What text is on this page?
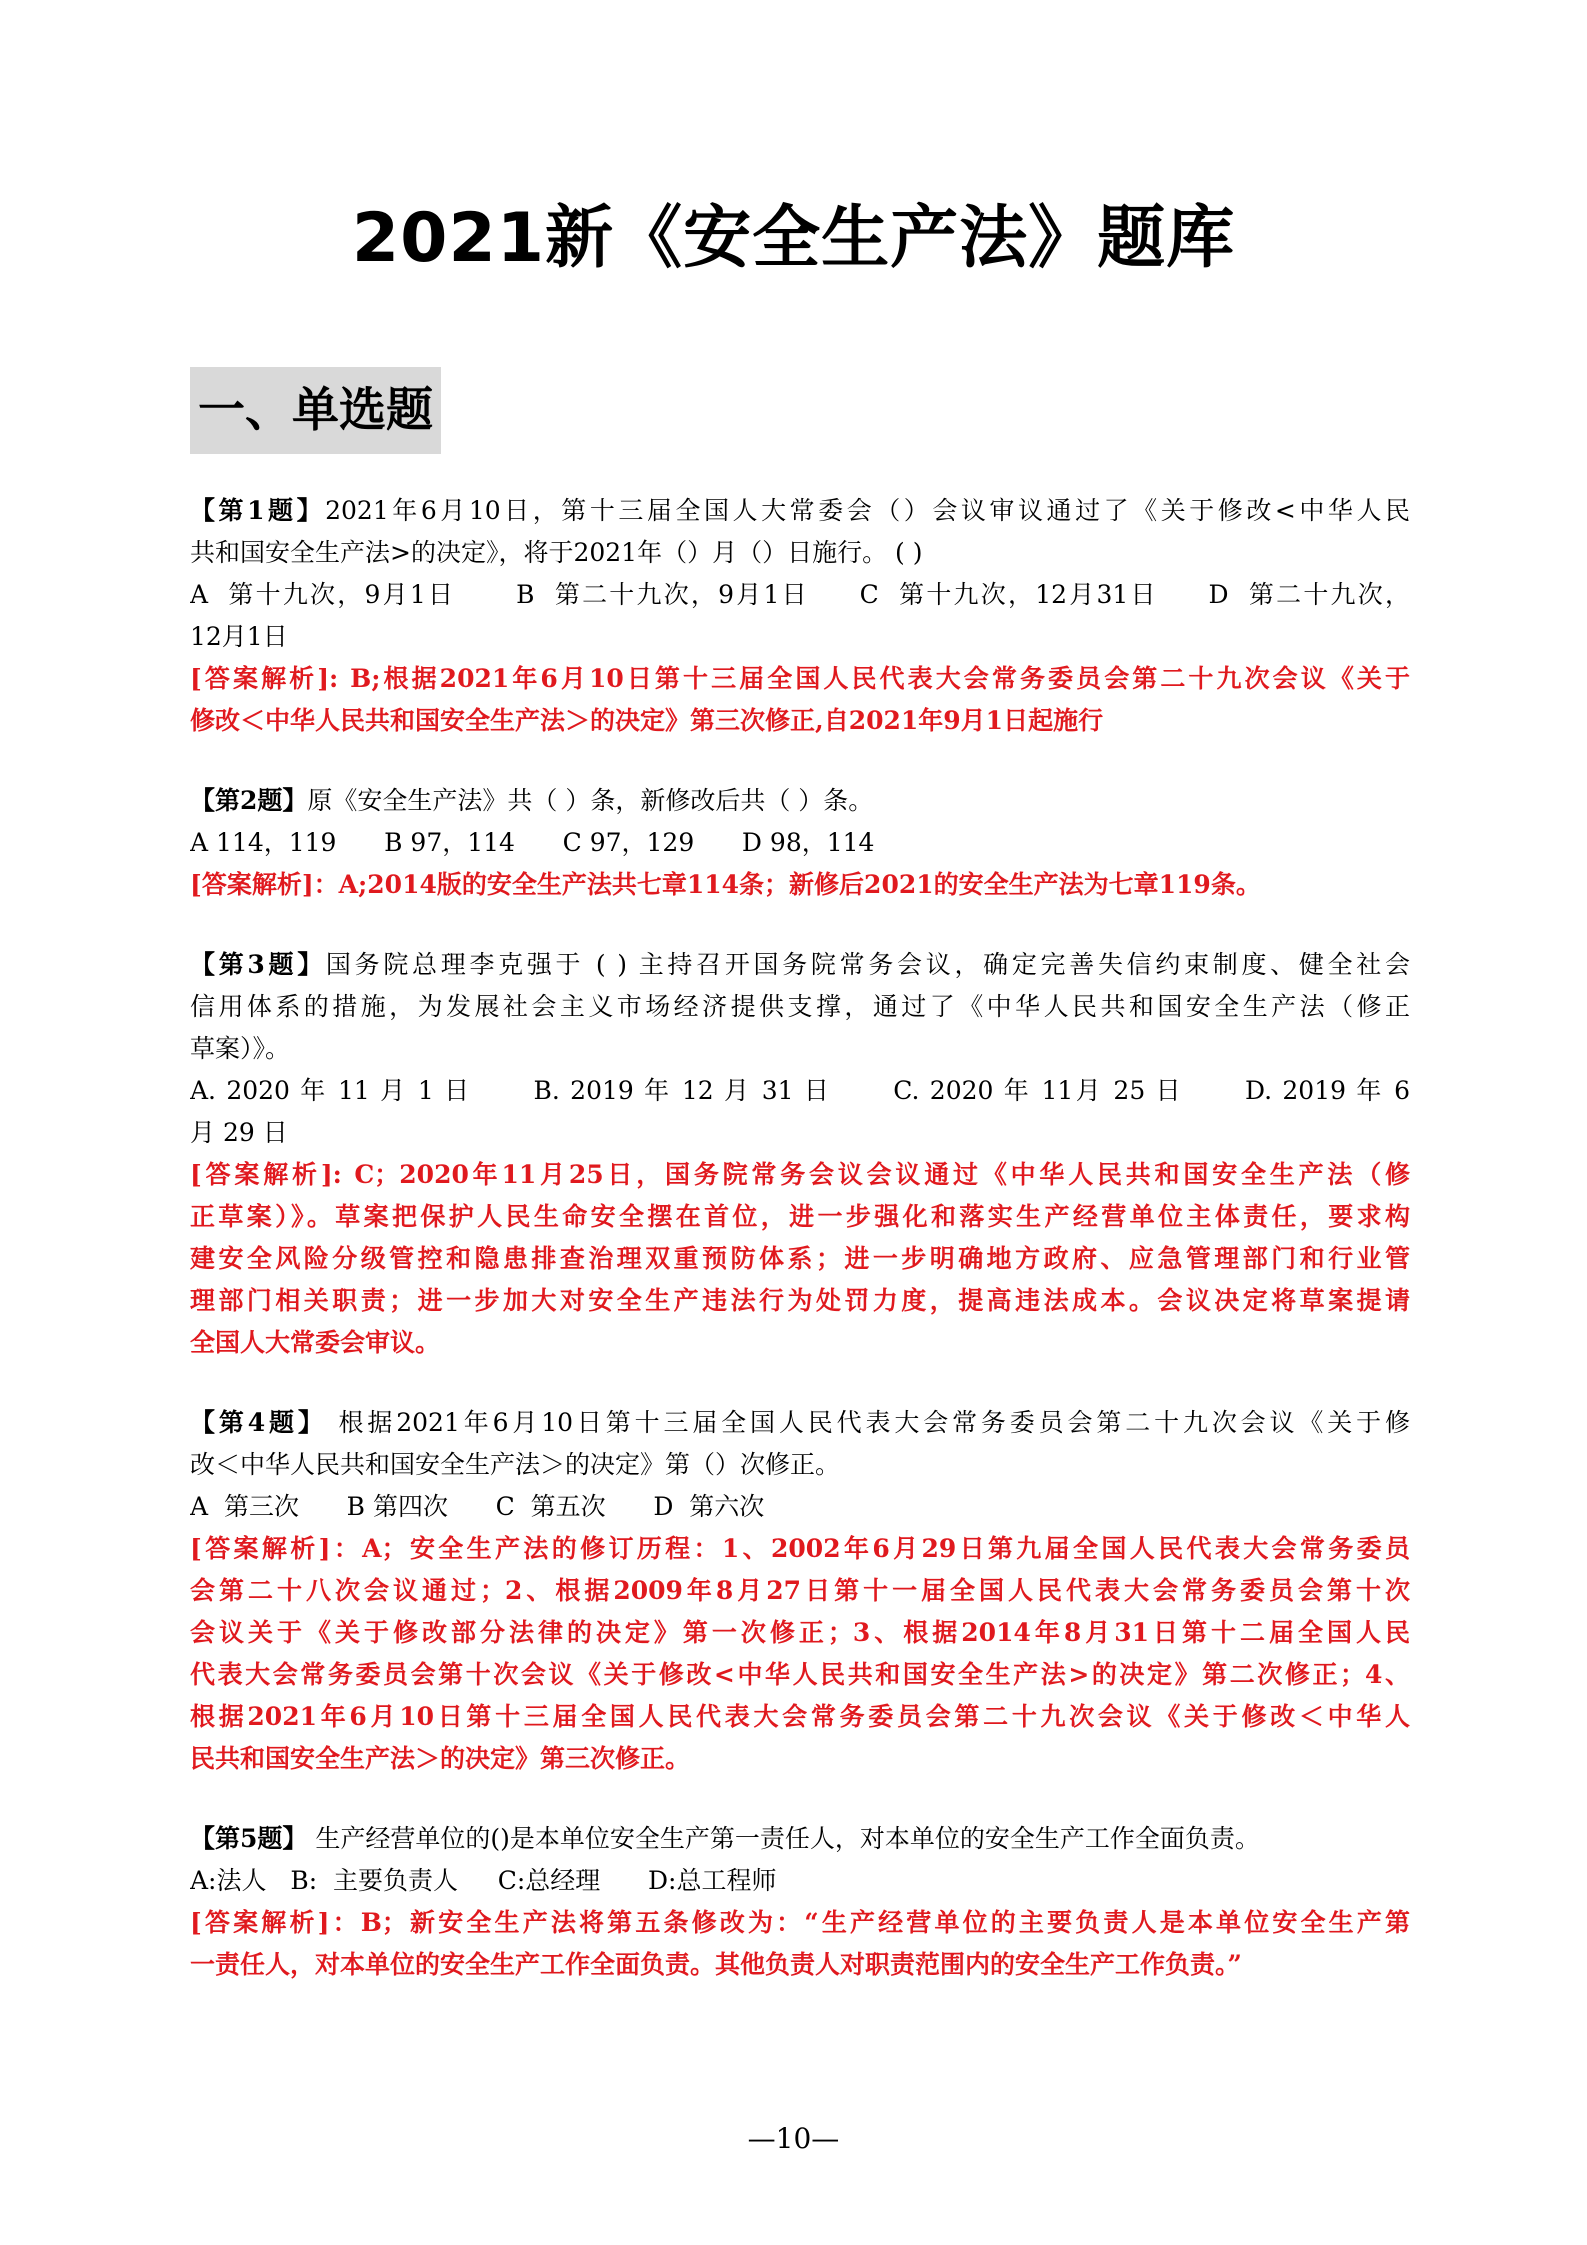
2021新《安全生产法》题库
一、单选题
【第1题】2021年6月10日，第十三届全国人大常委会（）会议审议通过了《关于修改<中华人民
共和国安全生产法>的决定》，将于2021年（）月（）日施行。 ( )
A  第十九次，9月1日      B  第二十九次，9月1日     C  第十九次，12月31日     D  第二十九次，
12月1日
[答案解析]: B;根据2021年6月10日第十三届全国人民代表大会常务委员会第二十九次会议《关于
修改＜中华人民共和国安全生产法＞的决定》第三次修正,自2021年9月1日起施行
【第2题】原《安全生产法》共（ ）条，新修改后共（ ）条。
A 114，119      B 97，114      C 97，129      D 98，114
[答案解析]：A;2014版的安全生产法共七章114条；新修后2021的安全生产法为七章119条。
【第3题】国务院总理李克强于 ( ) 主持召开国务院常务会议，确定完善失信约束制度、健全社会
信用体系的措施，为发展社会主义市场经济提供支撑，通过了《中华人民共和国安全生产法（修正
草案）》。
A. 2020 年 11 月 1 日      B. 2019 年 12 月 31 日      C. 2020 年 11月 25 日      D. 2019 年 6
月 29 日
[答案解析]: C；2020年11月25日，国务院常务会议会议通过《中华人民共和国安全生产法（修
正草案）》。草案把保护人民生命安全摆在首位，进一步强化和落实生产经营单位主体责任，要求构
建安全风险分级管控和隐患排查治理双重预防体系；进一步明确地方政府、应急管理部门和行业管
理部门相关职责；进一步加大对安全生产违法行为处罚力度，提高违法成本。会议决定将草案提请
全国人大常委会审议。
【第4题】 根据2021年6月10日第十三届全国人民代表大会常务委员会第二十九次会议《关于修
改＜中华人民共和国安全生产法＞的决定》第（）次修正。
A  第三次      B 第四次      C  第五次      D  第六次
[答案解析]：A；安全生产法的修订历程：1、2002年6月29日第九届全国人民代表大会常务委员
会第二十八次会议通过；2、根据2009年8月27日第十一届全国人民代表大会常务委员会第十次
会议关于《关于修改部分法律的决定》第一次修正；3、根据2014年8月31日第十二届全国人民
代表大会常务委员会第十次会议《关于修改<中华人民共和国安全生产法>的决定》第二次修正；4、
根据2021年6月10日第十三届全国人民代表大会常务委员会第二十九次会议《关于修改＜中华人
民共和国安全生产法＞的决定》第三次修正。
【第5题】 生产经营单位的()是本单位安全生产第一责任人，对本单位的安全生产工作全面负责。
A:法人   B:  主要负责人     C:总经理      D:总工程师
[答案解析]：B；新安全生产法将第五条修改为：“生产经营单位的主要负责人是本单位安全生产第
一责任人，对本单位的安全生产工作全面负责。其他负责人对职责范围内的安全生产工作负责。”
—10—
